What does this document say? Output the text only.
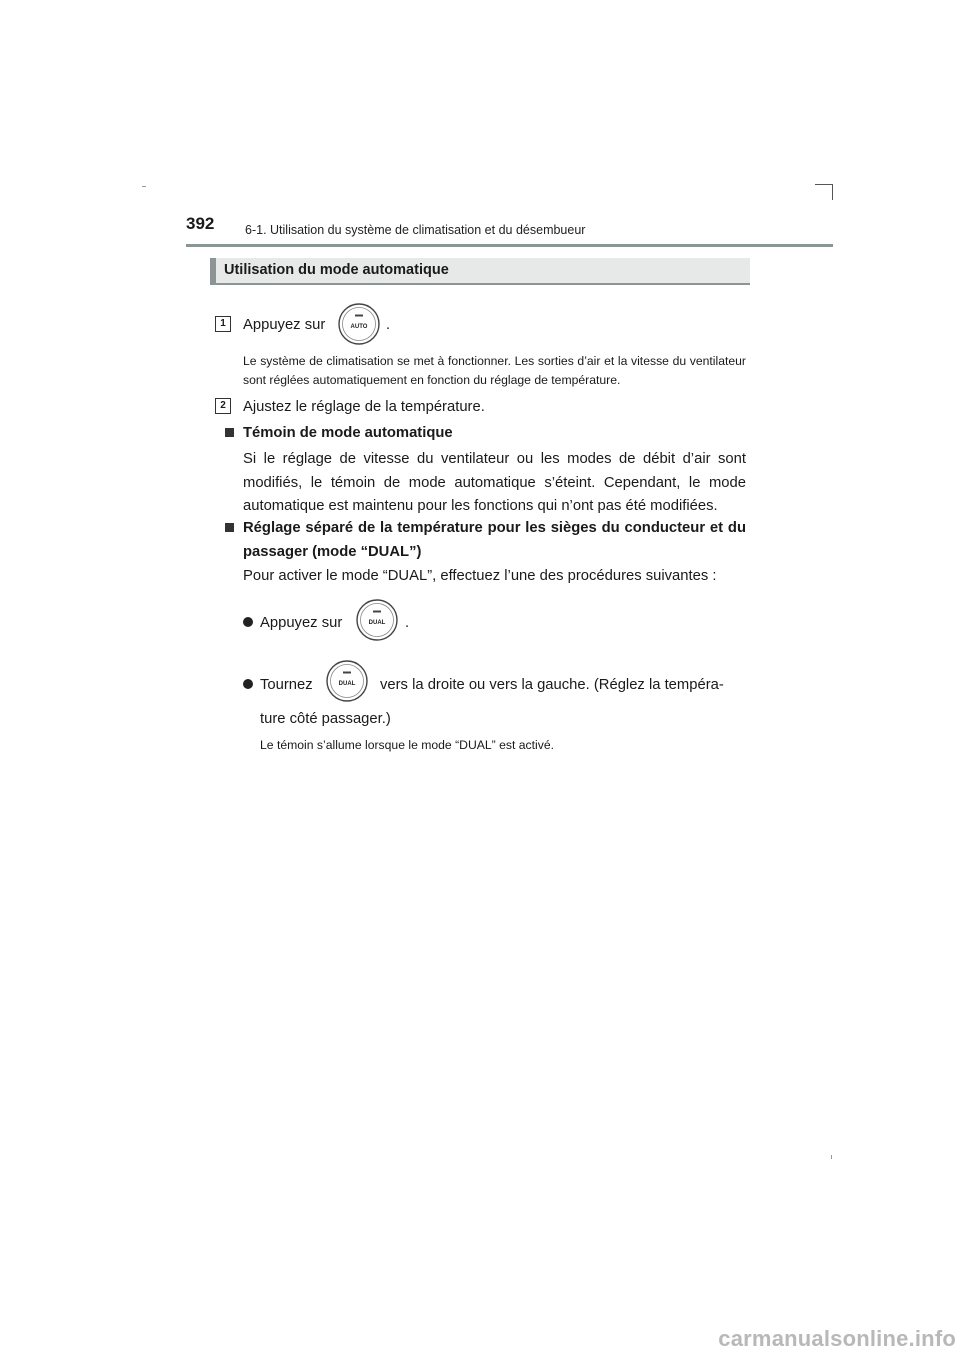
392 6-1. Utilisation du système de climatisation et du désembueur
Utilisation du mode automatique
1	Appuyez sur	AUTO .
Le système de climatisation se met à fonctionner. Les sorties d’air et la vitesse du ventilateur sont réglées automatiquement en fonction du réglage de température.
2	Ajustez le réglage de la température.
Témoin de mode automatique
Si le réglage de vitesse du ventilateur ou les modes de débit d’air sont modifiés, le témoin de mode automatique s’éteint. Cependant, le mode automatique est maintenu pour les fonctions qui n’ont pas été modifiées.
Réglage séparé de la température pour les sièges du conducteur et du passager (mode “DUAL”)
Pour activer le mode “DUAL”, effectuez l’une des procédures suivantes :
Appuyez sur	DUAL .
Tournez	DUAL vers la droite ou vers la gauche. (Réglez la tempéra-
ture côté passager.)
Le témoin s’allume lorsque le mode “DUAL” est activé.
carmanualsonline.info
